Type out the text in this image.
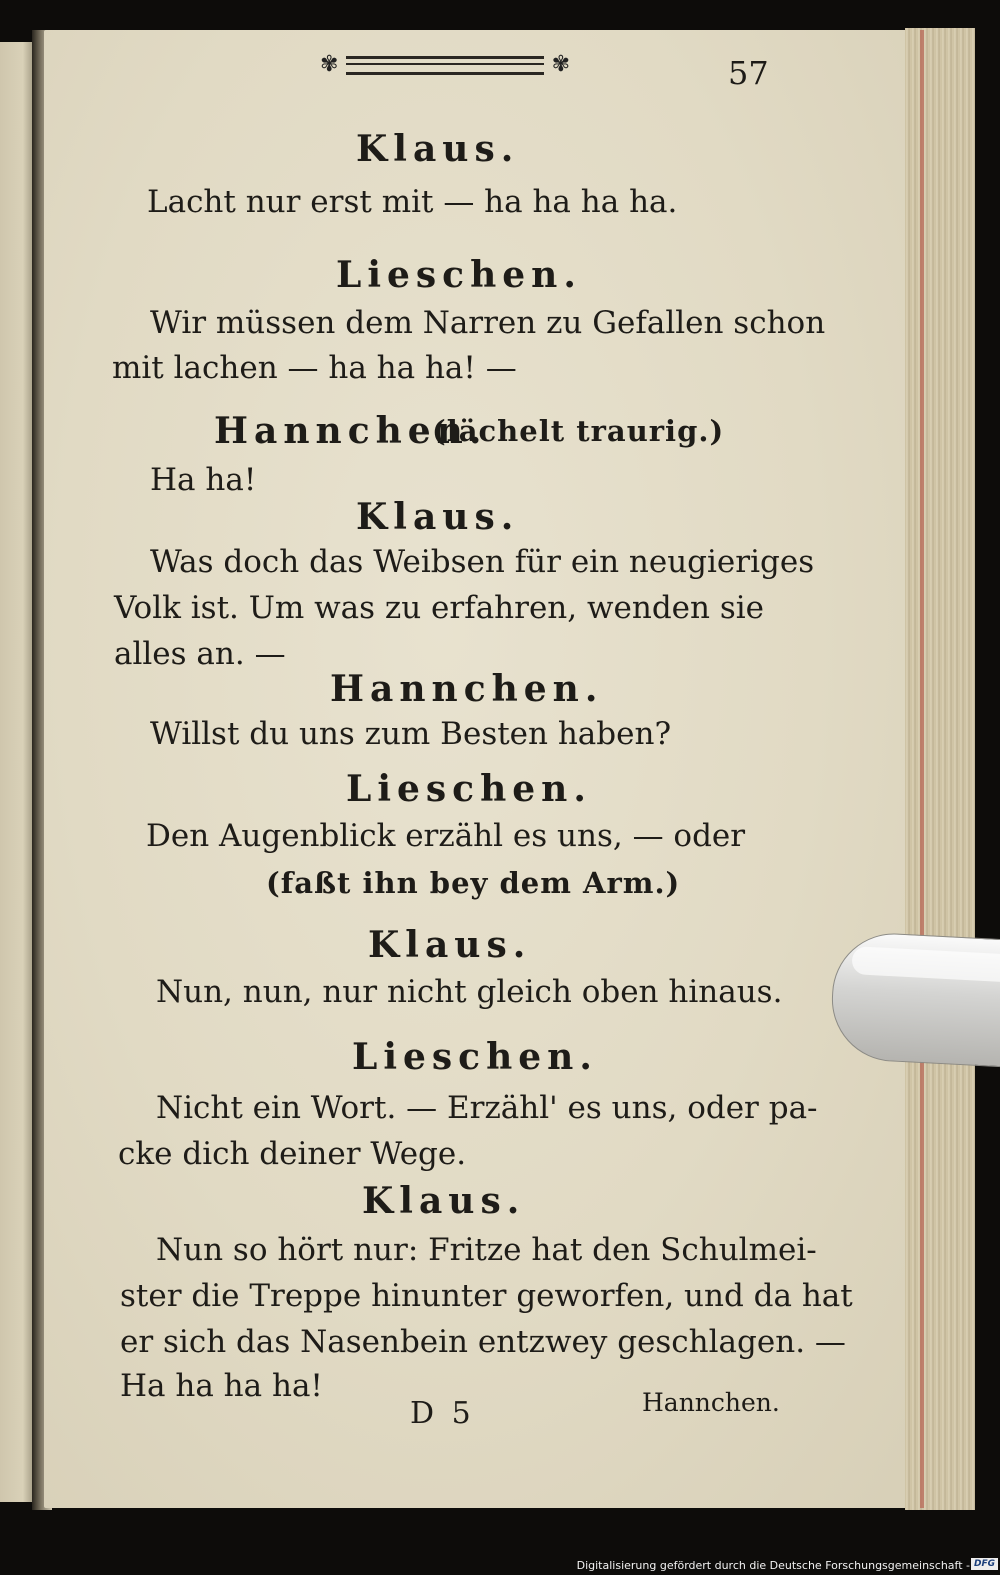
✾	✾	57
Klaus.
Lacht nur erst mit — ha ha ha ha.
Lieschen.
Wir müssen dem Narren zu Gefallen schon
mit lachen — ha ha ha! —
Hannchen.
(lächelt traurig.)
Ha ha!
Klaus.
Was doch das Weibsen für ein neugieriges
Volk ist. Um was zu erfahren, wenden sie
alles an. —
Hannchen.
Willst du uns zum Besten haben?
Lieschen.
Den Augenblick erzähl es uns, — oder
(faßt ihn bey dem Arm.)
Klaus.
Nun, nun, nur nicht gleich oben hinaus.
Lieschen.
Nicht ein Wort. — Erzähl' es uns, oder pa-
cke dich deiner Wege.
Klaus.
Nun so hört nur: Fritze hat den Schulmei-
ster die Treppe hinunter geworfen, und da hat
er sich das Nasenbein entzwey geschlagen. —
Ha ha ha ha!
D 5	Hannchen.
Digitalisierung gefördert durch die Deutsche Forschungsgemeinschaft - DFG
